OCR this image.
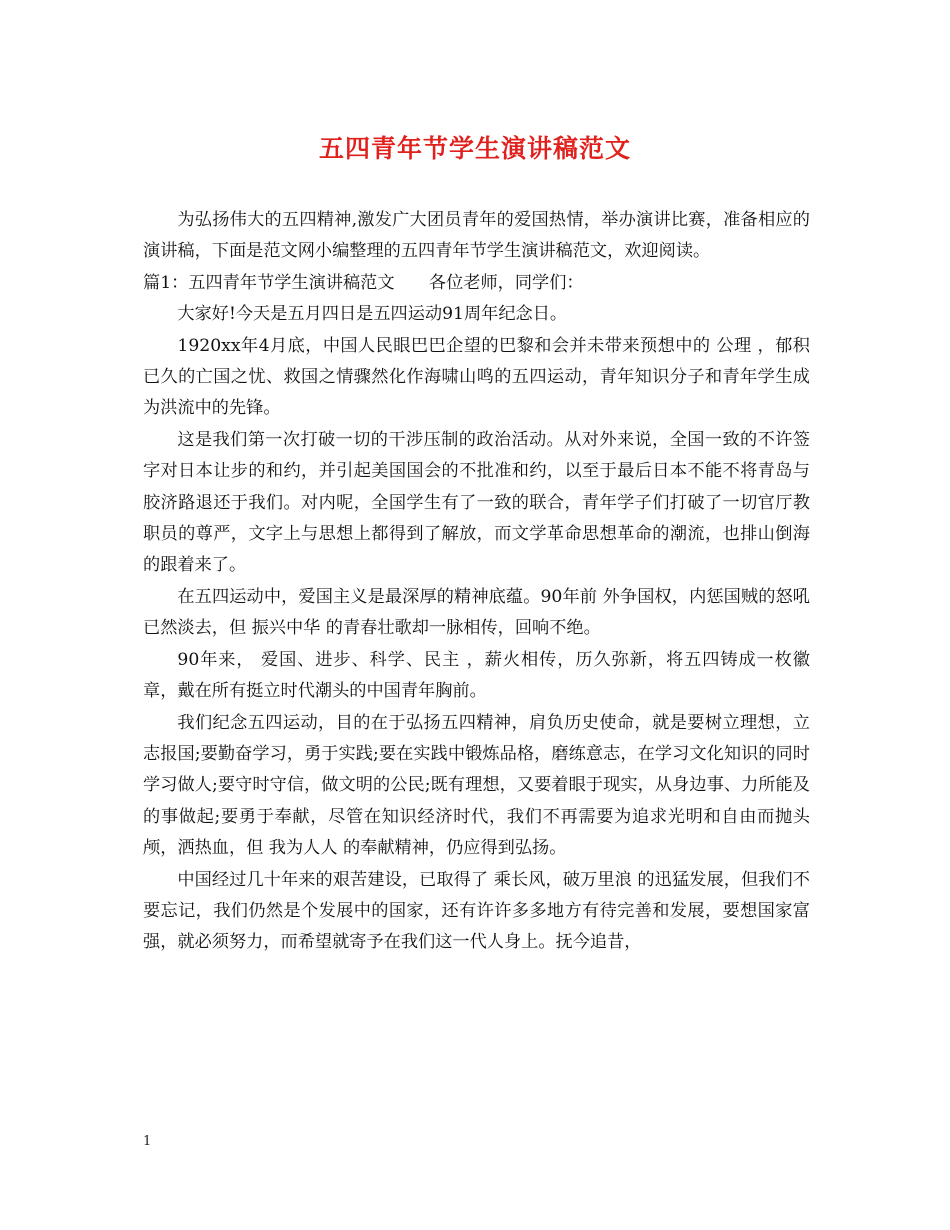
五四青年节学生演讲稿范文

为弘扬伟大的五四精神,激发广大团员青年的爱国热情，举办演讲比赛，准备相应的演讲稿，下面是范文网小编整理的五四青年节学生演讲稿范文，欢迎阅读。

篇1：五四青年节学生演讲稿范文　　各位老师，同学们：

大家好!今天是五月四日是五四运动91周年纪念日。

1920xx年4月底，中国人民眼巴巴企望的巴黎和会并未带来预想中的 公理 ，郁积已久的亡国之忧、救国之情骤然化作海啸山鸣的五四运动，青年知识分子和青年学生成为洪流中的先锋。

这是我们第一次打破一切的干涉压制的政治活动。从对外来说，全国一致的不许签字对日本让步的和约，并引起美国国会的不批准和约，以至于最后日本不能不将青岛与胶济路退还于我们。对内呢，全国学生有了一致的联合，青年学子们打破了一切官厅教职员的尊严，文字上与思想上都得到了解放，而文学革命思想革命的潮流，也排山倒海的跟着来了。

在五四运动中，爱国主义是最深厚的精神底蕴。90年前 外争国权，内惩国贼的怒吼已然淡去，但 振兴中华 的青春壮歌却一脉相传，回响不绝。

90年来， 爱国、进步、科学、民主 ，薪火相传，历久弥新，将五四铸成一枚徽章，戴在所有挺立时代潮头的中国青年胸前。

我们纪念五四运动，目的在于弘扬五四精神，肩负历史使命，就是要树立理想，立志报国;要勤奋学习，勇于实践;要在实践中锻炼品格，磨练意志，在学习文化知识的同时学习做人;要守时守信，做文明的公民;既有理想，又要着眼于现实，从身边事、力所能及的事做起;要勇于奉献，尽管在知识经济时代，我们不再需要为追求光明和自由而抛头颅，洒热血，但 我为人人 的奉献精神，仍应得到弘扬。

中国经过几十年来的艰苦建设，已取得了 乘长风，破万里浪 的迅猛发展，但我们不要忘记，我们仍然是个发展中的国家，还有许许多多地方有待完善和发展，要想国家富强，就必须努力，而希望就寄予在我们这一代人身上。抚今追昔，

1
